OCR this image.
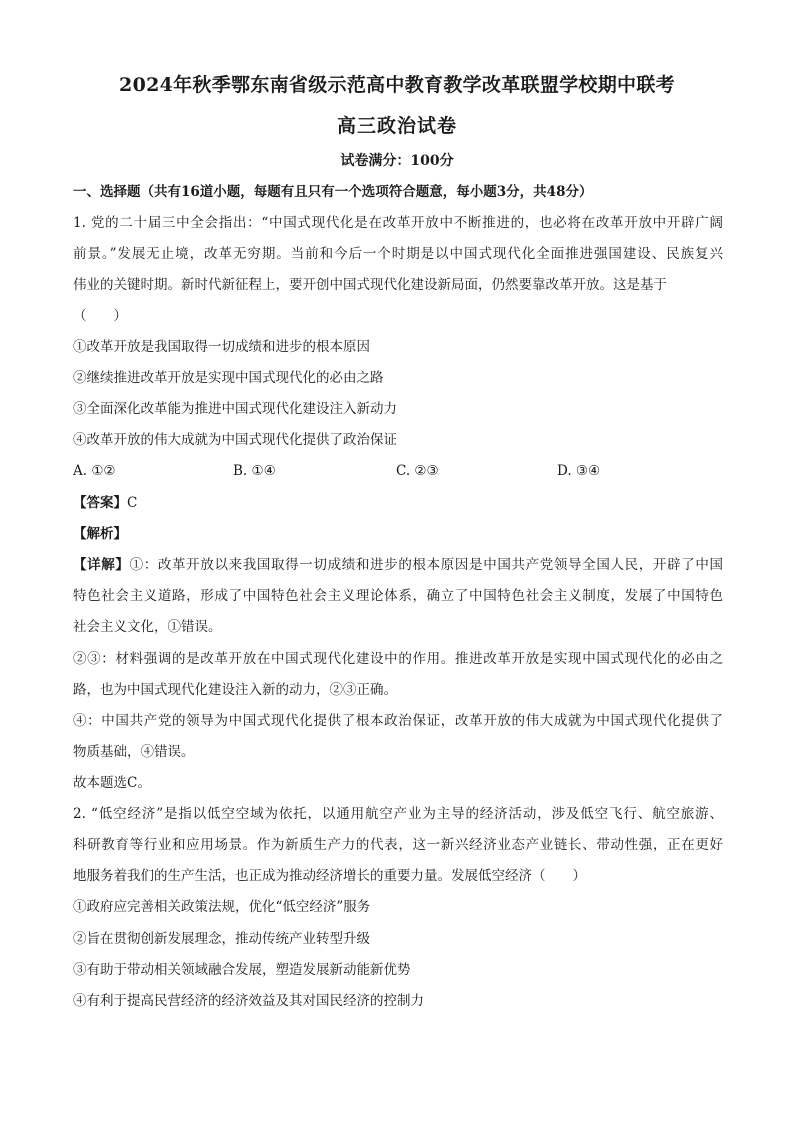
2024年秋季鄂东南省级示范高中教育教学改革联盟学校期中联考
高三政治试卷
试卷满分：100分
一、选择题（共有16道小题，每题有且只有一个选项符合题意，每小题3分，共48分）
1. 党的二十届三中全会指出：“中国式现代化是在改革开放中不断推进的，也必将在改革开放中开辟广阔
前景。”发展无止境，改革无穷期。当前和今后一个时期是以中国式现代化全面推进强国建设、民族复兴
伟业的关键时期。新时代新征程上，要开创中国式现代化建设新局面，仍然要靠改革开放。这是基于
（　　）
①改革开放是我国取得一切成绩和进步的根本原因
②继续推进改革开放是实现中国式现代化的必由之路
③全面深化改革能为推进中国式现代化建设注入新动力
④改革开放的伟大成就为中国式现代化提供了政治保证
A. ①②	B. ①④	C. ②③	D. ③④
【答案】C
【解析】
【详解】①：改革开放以来我国取得一切成绩和进步的根本原因是中国共产党领导全国人民，开辟了中国
特色社会主义道路，形成了中国特色社会主义理论体系，确立了中国特色社会主义制度，发展了中国特色
社会主义文化，①错误。
②③：材料强调的是改革开放在中国式现代化建设中的作用。推进改革开放是实现中国式现代化的必由之
路，也为中国式现代化建设注入新的动力，②③正确。
④：中国共产党的领导为中国式现代化提供了根本政治保证，改革开放的伟大成就为中国式现代化提供了
物质基础，④错误。
故本题选C。
2. “低空经济”是指以低空空域为依托，以通用航空产业为主导的经济活动，涉及低空飞行、航空旅游、
科研教育等行业和应用场景。作为新质生产力的代表，这一新兴经济业态产业链长、带动性强，正在更好
地服务着我们的生产生活，也正成为推动经济增长的重要力量。发展低空经济（　　）
①政府应完善相关政策法规，优化“低空经济”服务
②旨在贯彻创新发展理念，推动传统产业转型升级
③有助于带动相关领域融合发展，塑造发展新动能新优势
④有利于提高民营经济的经济效益及其对国民经济的控制力
